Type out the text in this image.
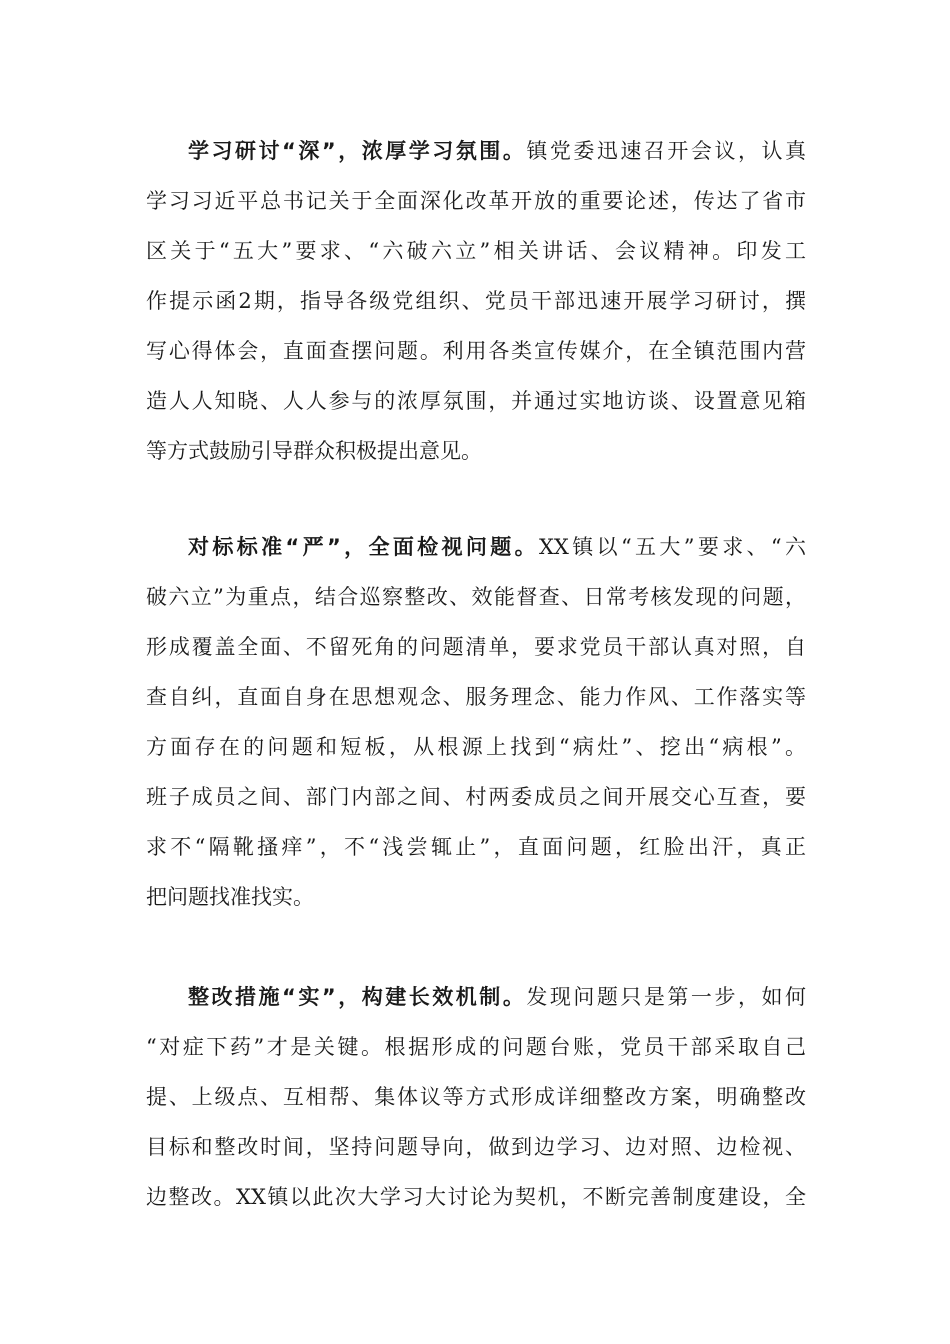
学习研讨“深”，浓厚学习氛围。镇党委迅速召开会议，认真
学习习近平总书记关于全面深化改革开放的重要论述，传达了省市
区关于“五大”要求、“六破六立”相关讲话、会议精神。印发工
作提示函2期，指导各级党组织、党员干部迅速开展学习研讨，撰
写心得体会，直面查摆问题。利用各类宣传媒介，在全镇范围内营
造人人知晓、人人参与的浓厚氛围，并通过实地访谈、设置意见箱
等方式鼓励引导群众积极提出意见。
对标标准“严”，全面检视问题。XX镇以“五大”要求、“六
破六立”为重点，结合巡察整改、效能督查、日常考核发现的问题，
形成覆盖全面、不留死角的问题清单，要求党员干部认真对照，自
查自纠，直面自身在思想观念、服务理念、能力作风、工作落实等
方面存在的问题和短板，从根源上找到“病灶”、挖出“病根”。
班子成员之间、部门内部之间、村两委成员之间开展交心互查，要
求不“隔靴搔痒”，不“浅尝辄止”，直面问题，红脸出汗，真正
把问题找准找实。
整改措施“实”，构建长效机制。发现问题只是第一步，如何
“对症下药”才是关键。根据形成的问题台账，党员干部采取自己
提、上级点、互相帮、集体议等方式形成详细整改方案，明确整改
目标和整改时间，坚持问题导向，做到边学习、边对照、边检视、
边整改。XX镇以此次大学习大讨论为契机，不断完善制度建设，全
